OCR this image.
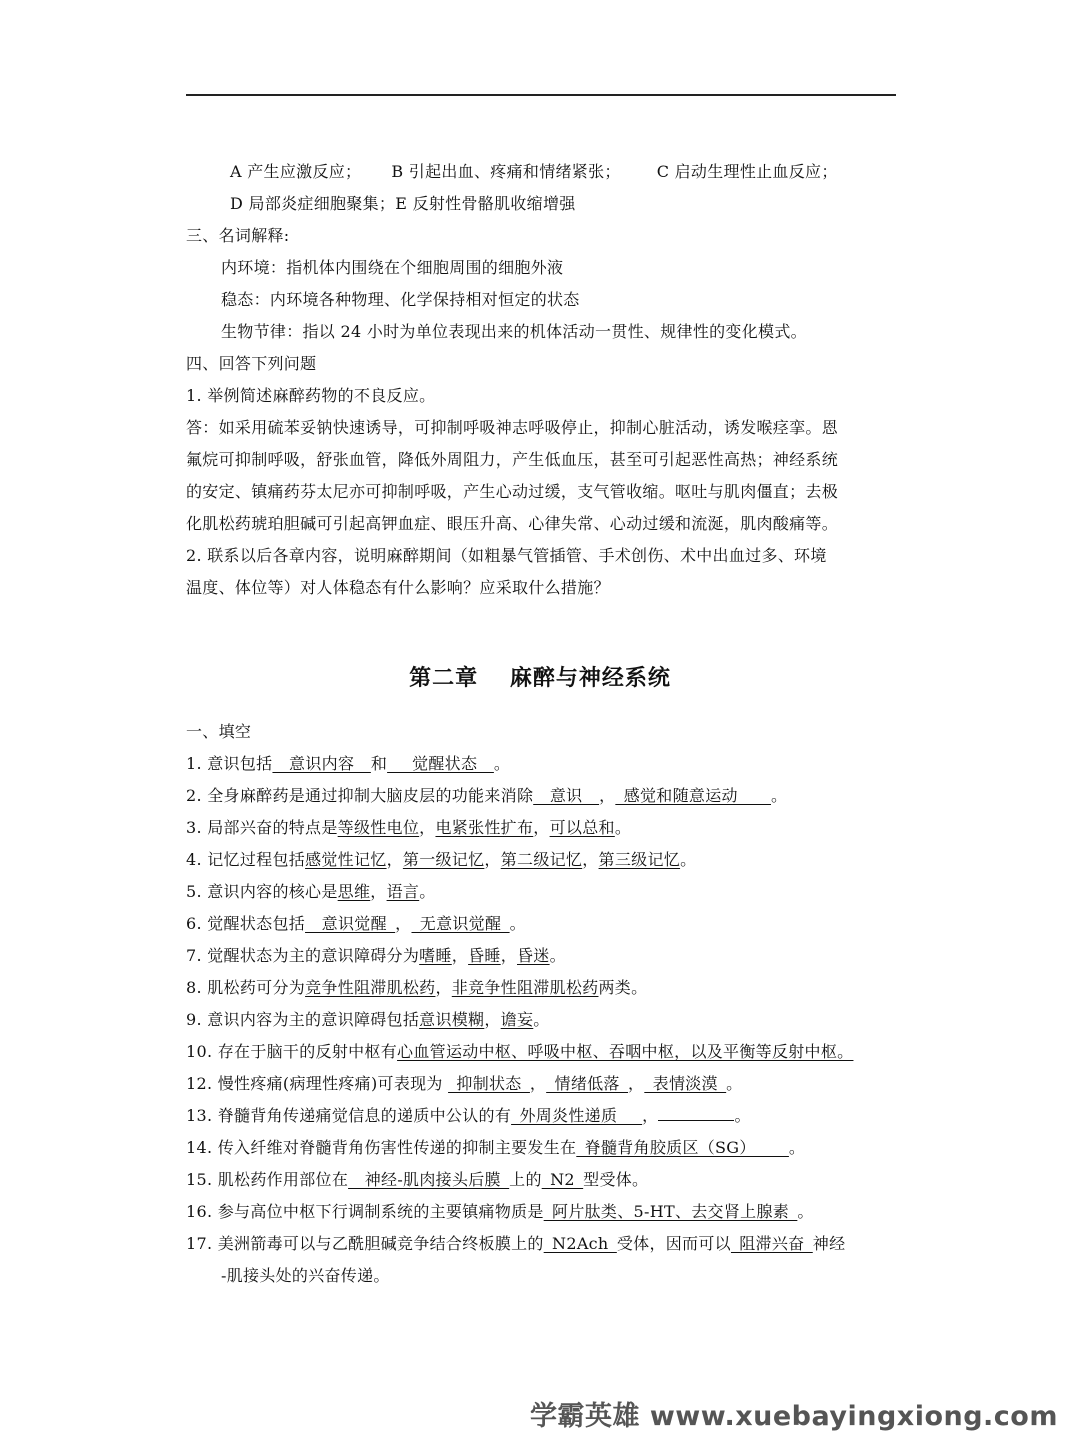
A 产生应激反应； B 引起出血、疼痛和情绪紧张； C 启动生理性止血反应；
D 局部炎症细胞聚集；E 反射性骨骼肌收缩增强
三、名词解释:
内环境：指机体内围绕在个细胞周围的细胞外液
稳态：内环境各种物理、化学保持相对恒定的状态
生物节律：指以 24 小时为单位表现出来的机体活动一贯性、规律性的变化模式。
四、回答下列问题
1. 举例简述麻醉药物的不良反应。
答：如采用硫苯妥钠快速诱导，可抑制呼吸神志呼吸停止，抑制心脏活动，诱发喉痉挛。恩
氟烷可抑制呼吸，舒张血管，降低外周阻力，产生低血压，甚至可引起恶性高热；神经系统
的安定、镇痛药芬太尼亦可抑制呼吸，产生心动过缓，支气管收缩。呕吐与肌肉僵直；去极
化肌松药琥珀胆碱可引起高钾血症、眼压升高、心律失常、心动过缓和流涎，肌肉酸痛等。
2. 联系以后各章内容，说明麻醉期间（如粗暴气管插管、手术创伤、术中出血过多、环境
温度、体位等）对人体稳态有什么影响？应采取什么措施？
第二章　 麻醉与神经系统
一、填空
1. 意识包括__意识内容__和___觉醒状态__。
2. 全身麻醉药是通过抑制大脑皮层的功能来消除__意识__，_感觉和随意运动____。
3. 局部兴奋的特点是等级性电位，电紧张性扩布，可以总和。
4. 记忆过程包括感觉性记忆，第一级记忆，第二级记忆，第三级记忆。
5. 意识内容的核心是思维，语言。
6. 觉醒状态包括__意识觉醒_，_无意识觉醒_。
7. 觉醒状态为主的意识障碍分为嗜睡，昏睡，昏迷。
8. 肌松药可分为竞争性阻滞肌松药，非竞争性阻滞肌松药两类。
9. 意识内容为主的意识障碍包括意识模糊，谵妄。
10. 存在于脑干的反射中枢有心血管运动中枢、呼吸中枢、吞咽中枢，以及平衡等反射中枢。
12. 慢性疼痛(病理性疼痛)可表现为 _抑制状态_，_情绪低落_，_表情淡漠_。
13. 脊髓背角传递痛觉信息的递质中公认的有_外周炎性递质___，	。
14. 传入纤维对脊髓背角伤害性传递的抑制主要发生在_脊髓背角胶质区（SG）____。
15. 肌松药作用部位在__神经-肌肉接头后膜_上的_N2_型受体。
16. 参与高位中枢下行调制系统的主要镇痛物质是_阿片肽类、5-HT、去交肾上腺素_。
17. 美洲箭毒可以与乙酰胆碱竞争结合终板膜上的_N2Ach_受体，因而可以_阻滞兴奋_神经
-肌接头处的兴奋传递。
学霸英雄 www.xuebayingxiong.com
